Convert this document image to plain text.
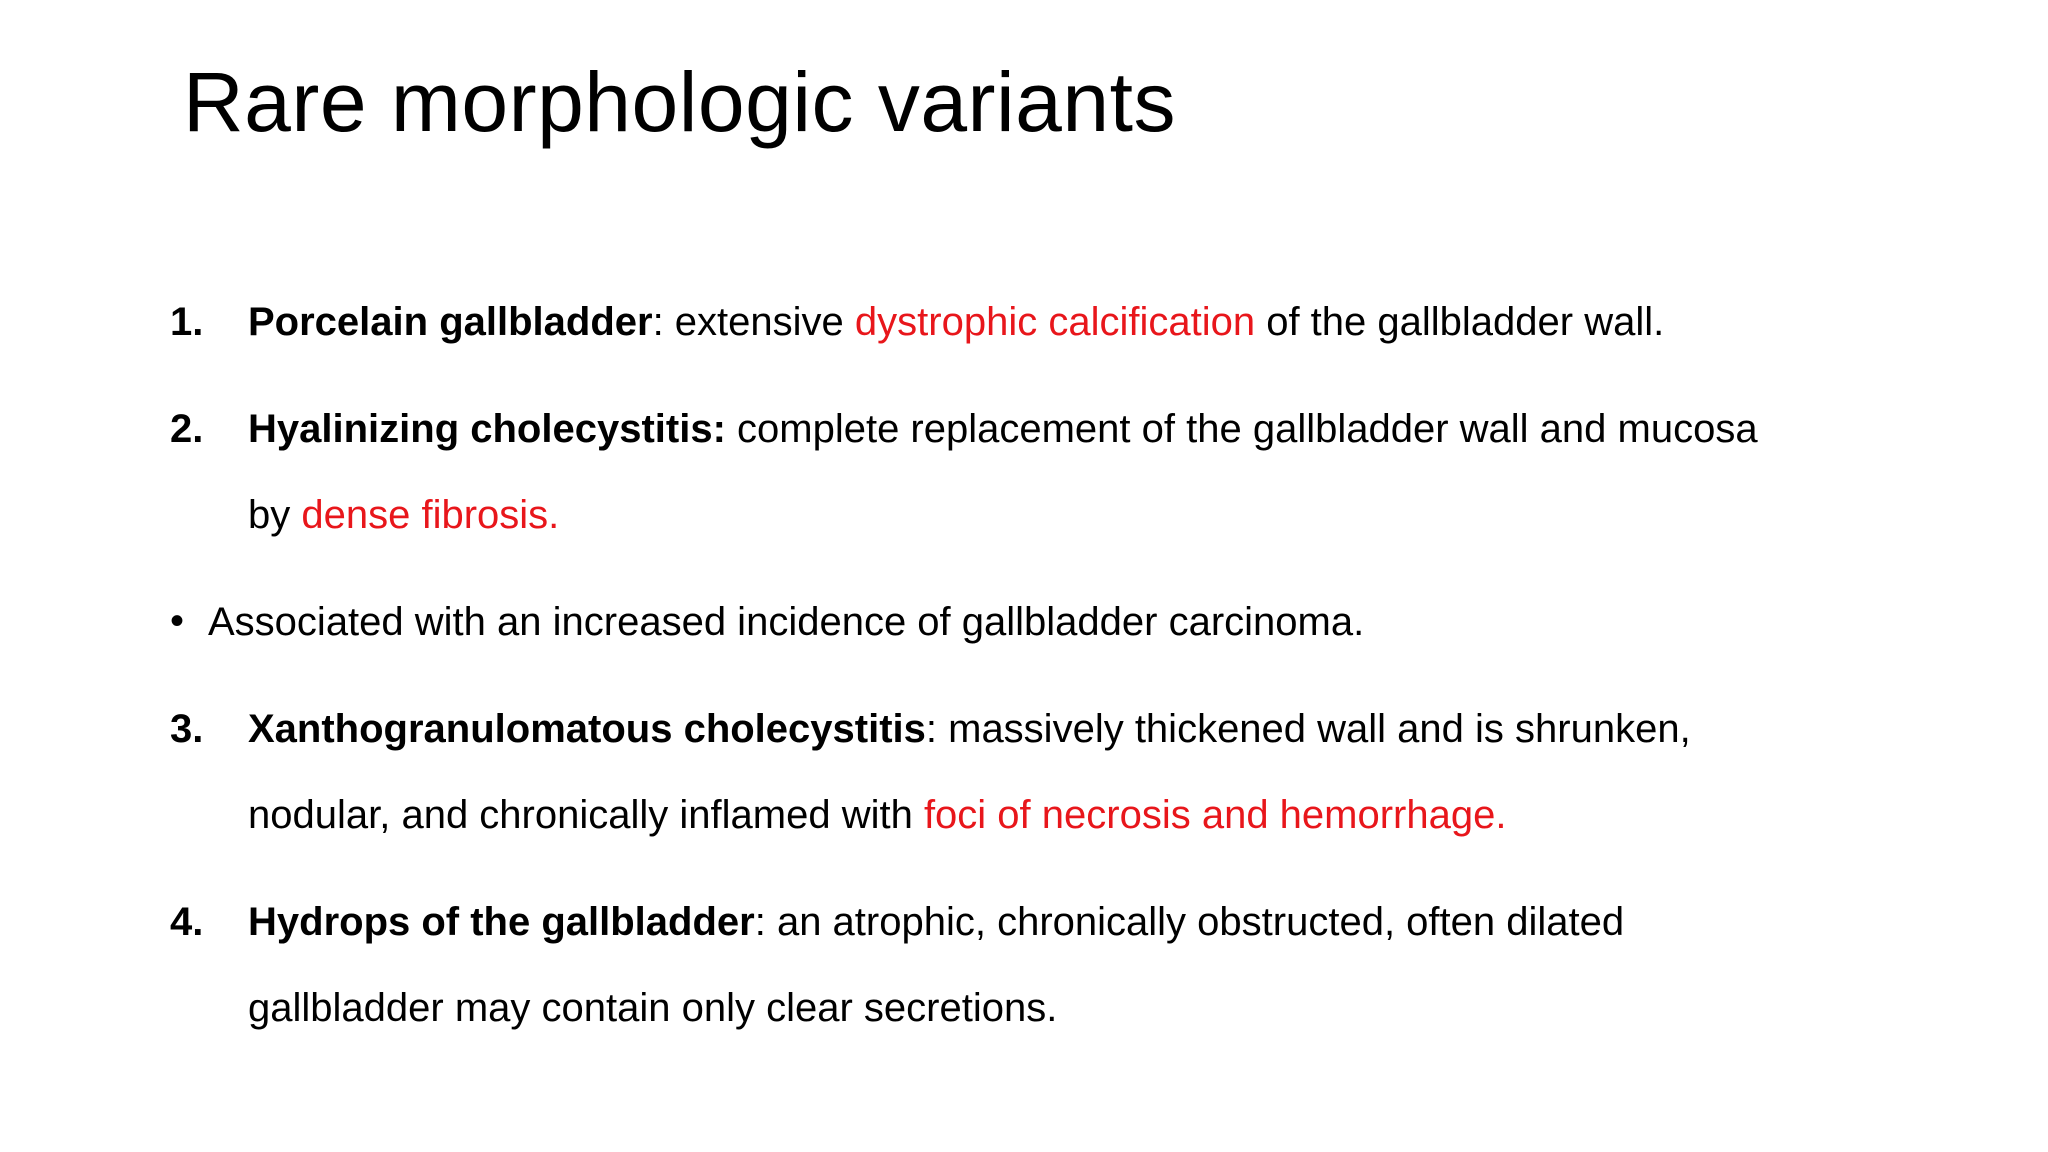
Rare morphologic variants
1. Porcelain gallbladder: extensive dystrophic calcification of the gallbladder wall.
2. Hyalinizing cholecystitis: complete replacement of the gallbladder wall and mucosa
by dense fibrosis.
• Associated with an increased incidence of gallbladder carcinoma.
3. Xanthogranulomatous cholecystitis: massively thickened wall and is shrunken,
nodular, and chronically inflamed with foci of necrosis and hemorrhage.
4. Hydrops of the gallbladder: an atrophic, chronically obstructed, often dilated
gallbladder may contain only clear secretions.
